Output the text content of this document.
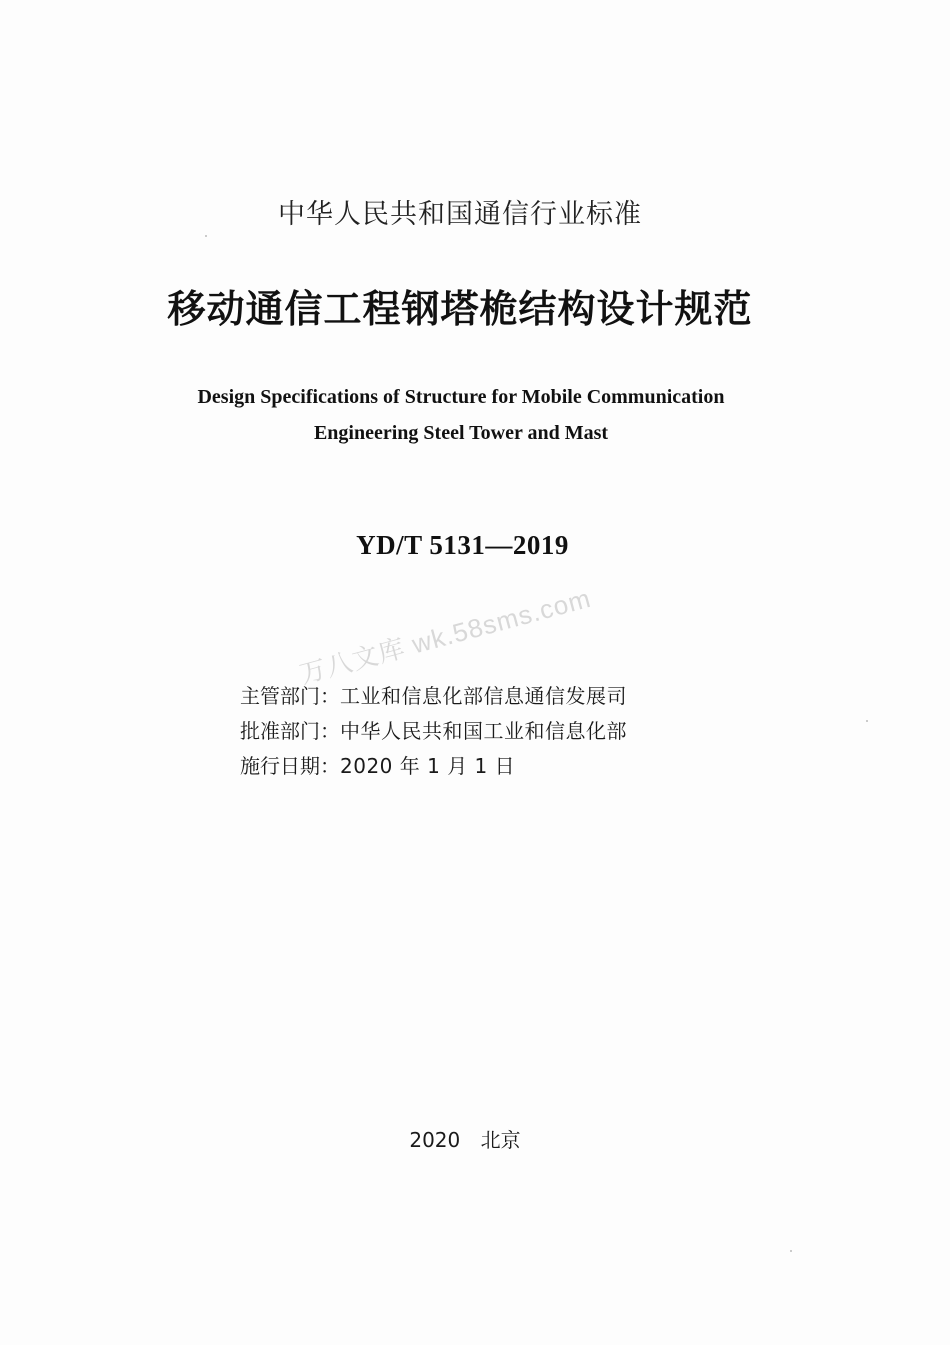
中华人民共和国通信行业标准
移动通信工程钢塔桅结构设计规范
Design Specifications of Structure for Mobile Communication
Engineering Steel Tower and Mast
YD/T 5131—2019
万八文库 wk.58sms.com
主管部门：工业和信息化部信息通信发展司
批准部门：中华人民共和国工业和信息化部
施行日期：2020 年 1 月 1 日
2020 北京
